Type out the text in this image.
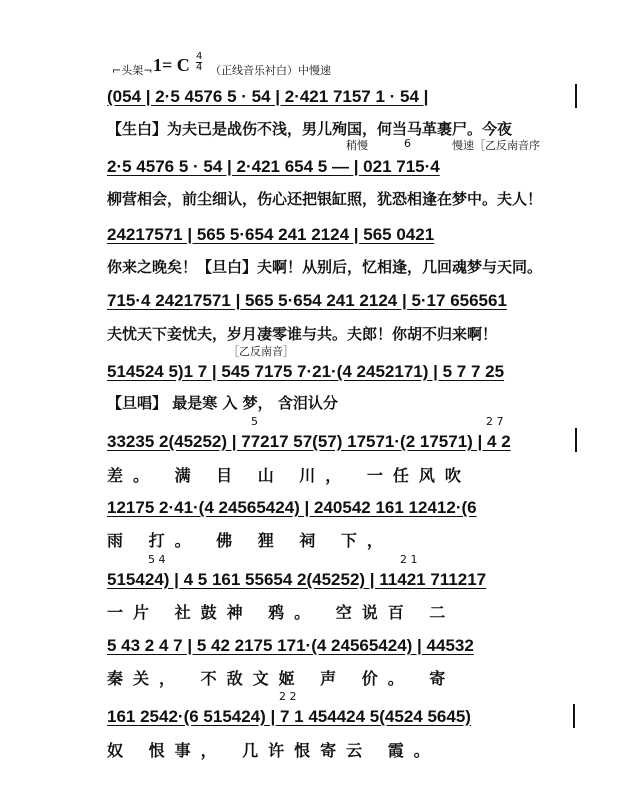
⌐头架¬ 1= C $\frac{4}{4}$ （正线音乐衬白）中慢速
(054 | 2·5 4576 5 · 54 | 2·421 7157 1 · 54 |
【生白】为夫已是战伤不浅，男儿殉国，何当马革裹尸。今夜
稍慢	6	慢速［乙反南音序
2·5 4576 5 · 54 | 2·421 654 5 — | 021 715·4
柳营相会，前尘细认，伤心还把银缸照，犹恐相逢在梦中。夫人！
24217571 | 565 5·654 241 2124 | 565 0421
你来之晚矣！【旦白】夫啊！从别后，忆相逢，几回魂梦与天同。
715·4 24217571 | 565 5·654 241 2124 | 5·17 656561
夫忧天下妾忧夫，岁月凄零谁与共。夫郎！你胡不归来啊！
［乙反南音］
514524 5)1 7 | 545 7175 7·21·(4 2452171) | 5 7 7 25
【旦唱】 最是寒 入 梦， 含泪认分
5	2 7
33235 2(45252) | 77217 57(57) 17571·(2 17571) | 4 2
差。 满 目 山 川， 一任风吹
12175 2·41·(4 24565424) | 240542 161 12412·(6
雨 打。 佛 狸 祠 下，
5 4	2 1
515424) | 4 5 161 55654 2(45252) | 11421 711217
一片 社鼓神 鸦。 空说百 二
5 43 2 4 7 | 5 42 2175 171·(4 24565424) | 44532
秦关， 不敌文姬 声 价。 寄
2 2
161 2542·(6 515424) | 7 1 454424 5(4524 5645)
奴 恨事， 几许恨寄云 霞。
